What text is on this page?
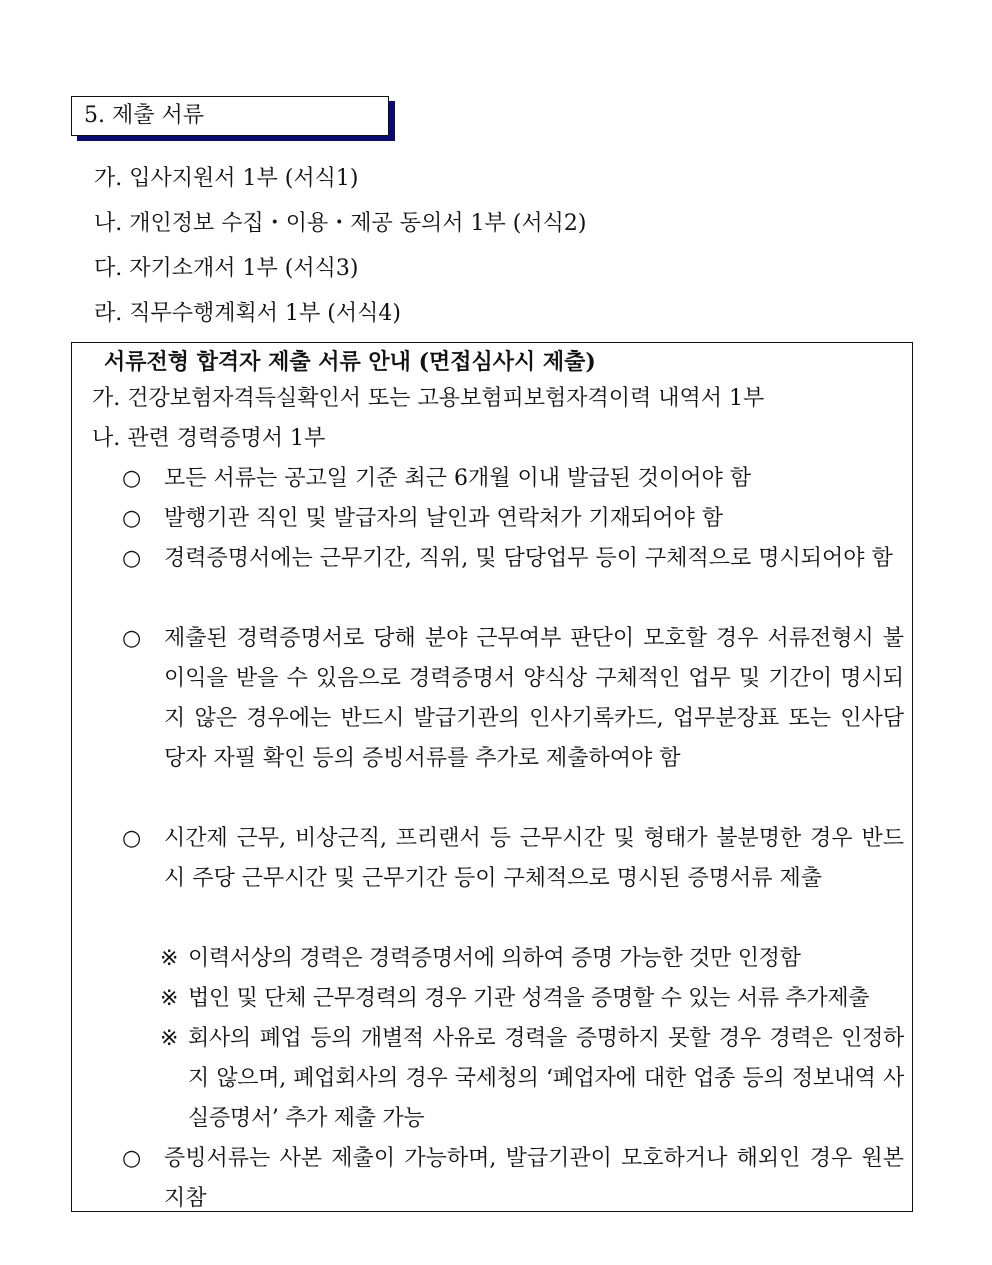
5. 제출 서류
가. 입사지원서 1부 (서식1)
나. 개인정보 수집・이용・제공 동의서 1부 (서식2)
다. 자기소개서 1부 (서식3)
라. 직무수행계획서 1부 (서식4)
서류전형 합격자 제출 서류 안내 (면접심사시 제출)
가. 건강보험자격득실확인서 또는 고용보험피보험자격이력 내역서 1부
나. 관련 경력증명서 1부
○ 모든 서류는 공고일 기준 최근 6개월 이내 발급된 것이어야 함
○ 발행기관 직인 및 발급자의 날인과 연락처가 기재되어야 함
○ 경력증명서에는 근무기간, 직위, 및 담당업무 등이 구체적으로 명시되어야 함
○ 제출된 경력증명서로 당해 분야 근무여부 판단이 모호할 경우 서류전형시 불이익을 받을 수 있음으로 경력증명서 양식상 구체적인 업무 및 기간이 명시되지 않은 경우에는 반드시 발급기관의 인사기록카드, 업무분장표 또는 인사담당자 자필 확인 등의 증빙서류를 추가로 제출하여야 함
○ 시간제 근무, 비상근직, 프리랜서 등 근무시간 및 형태가 불분명한 경우 반드시 주당 근무시간 및 근무기간 등이 구체적으로 명시된 증명서류 제출
※ 이력서상의 경력은 경력증명서에 의하여 증명 가능한 것만 인정함
※ 법인 및 단체 근무경력의 경우 기관 성격을 증명할 수 있는 서류 추가제출
※ 회사의 폐업 등의 개별적 사유로 경력을 증명하지 못할 경우 경력은 인정하지 않으며, 폐업회사의 경우 국세청의 ‘폐업자에 대한 업종 등의 정보내역 사실증명서’ 추가 제출 가능
○ 증빙서류는 사본 제출이 가능하며, 발급기관이 모호하거나 해외인 경우 원본 지참
